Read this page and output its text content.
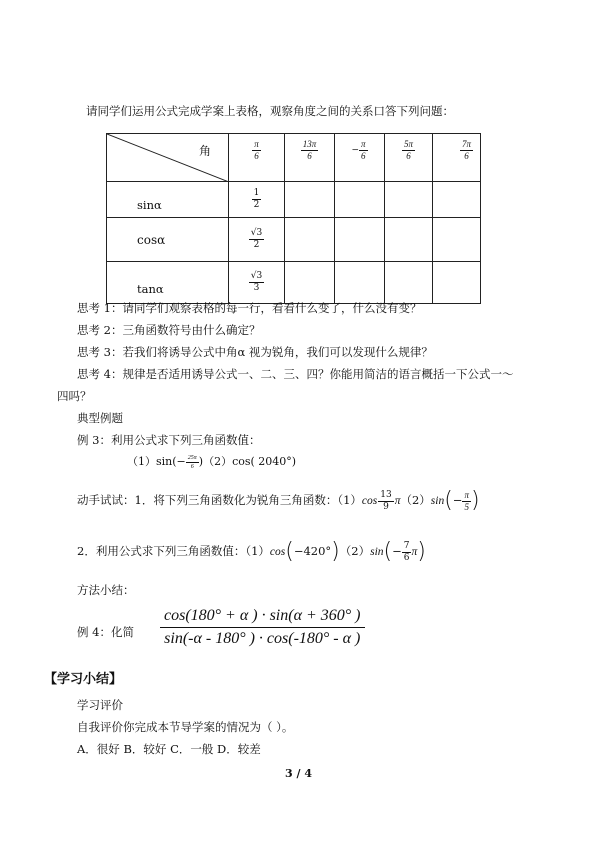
请同学们运用公式完成学案上表格，观察角度之间的关系口答下列问题：
角	$\frac{\pi}{6}$	$\frac{13\pi}{6}$	− $\frac{\pi}{6}$	$\frac{5\pi}{6}$	$\frac{7\pi}{6}$

sinα	$\frac{1}{2}$

cosα	$\frac{√3}{2}$

tanα	$\frac{√3}{3}$

思考 1：请同学们观察表格的每一行，看看什么变了，什么没有变？
思考 2：三角函数符号由什么确定？
思考 3：若我们将诱导公式中角α 视为锐角，我们可以发现什么规律？
思考 4：规律是否适用诱导公式一、二、三、四？你能用简洁的语言概括一下公式一～
四吗？
典型例题
例 3：利用公式求下列三角函数值：
$(1)\sin(- \frac{25\pi}{6} )(2)\cos$( 2040°)
动手试试：1．将下列三角函数化为锐角三角函数：$(1)\cos \frac{13}{9} \pi(2)\sin(- \frac{\pi}{5}$ )
2．利用公式求下列三角函数值：$(1)\cos(-420^\circ)(2)\sin(- \frac{7}{6} \pi)$
方法小结：
例 4：化简 $\frac{\cos(180^\circ + \alpha ) \cdot \sin(\alpha + 360^\circ )}{\sin(-\alpha - 180^\circ ) \cdot \cos(-180^\circ - \alpha )}$
【学习小结】
学习评价
自我评价你完成本节导学案的情况为（ ）。
A．很好 B．较好 C．一般 D．较差
3 / 4
